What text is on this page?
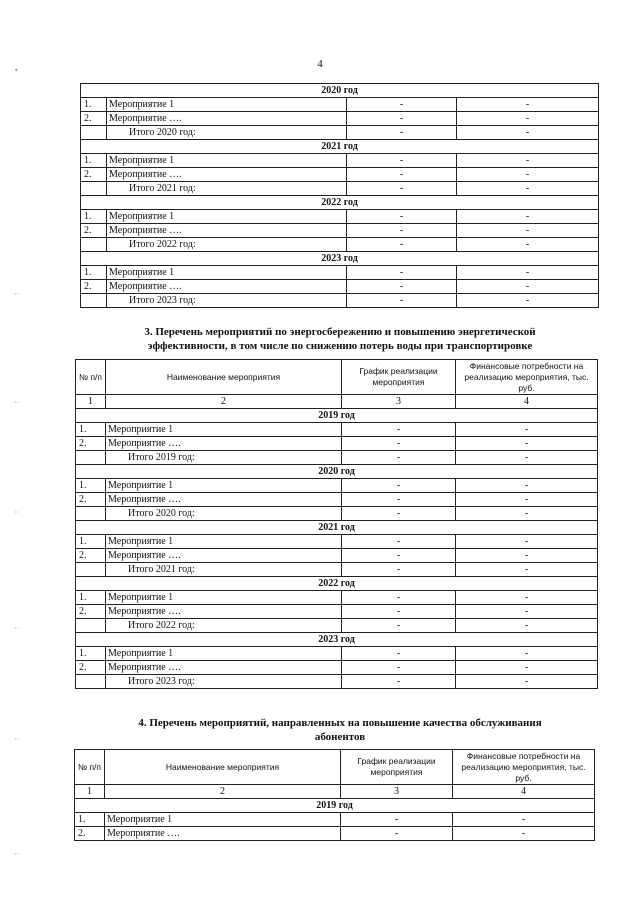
4
•
··
··
··
··
··
··
2020 год			
1.	Мероприятие 1	-	-
2.	Мероприятие ….	-	-
	Итого 2020 год:	-	-
2021 год			
1.	Мероприятие 1	-	-
2.	Мероприятие ….	-	-
	Итого 2021 год:	-	-
2022 год			
1.	Мероприятие 1	-	-
2.	Мероприятие ….	-	-
	Итого 2022 год:	-	-
2023 год			
1.	Мероприятие 1	-	-
2.	Мероприятие ….	-	-
	Итого 2023 год:	-	-
3. Перечень мероприятий по энергосбережению и повышению энергетической
эффективности, в том числе по снижению потерь воды при транспортировке
№ п/п	Наименование мероприятия	График реализации мероприятия	Финансовые потребности на реализацию мероприятия, тыс. руб.
1	2	3	4
2019 год			
1.	Мероприятие 1	-	-
2.	Мероприятие ….	-	-
	Итого 2019 год:	-	-
2020 год			
1.	Мероприятие 1	-	-
2.	Мероприятие ….	-	-
	Итого 2020 год:	-	-
2021 год			
1.	Мероприятие 1	-	-
2.	Мероприятие ….	-	-
	Итого 2021 год:	-	-
2022 год			
1.	Мероприятие 1	-	-
2.	Мероприятие ….	-	-
	Итого 2022 год:	-	-
2023 год			
1.	Мероприятие 1	-	-
2.	Мероприятие ….	-	-
	Итого 2023 год:	-	-
4. Перечень мероприятий, направленных на повышение качества обслуживания
абонентов
№ п/п	Наименование мероприятия	График реализации мероприятия	Финансовые потребности на реализацию мероприятия, тыс. руб.
1	2	3	4
2019 год			
1.	Мероприятие 1	-	-
2.	Мероприятие ….	-	-
